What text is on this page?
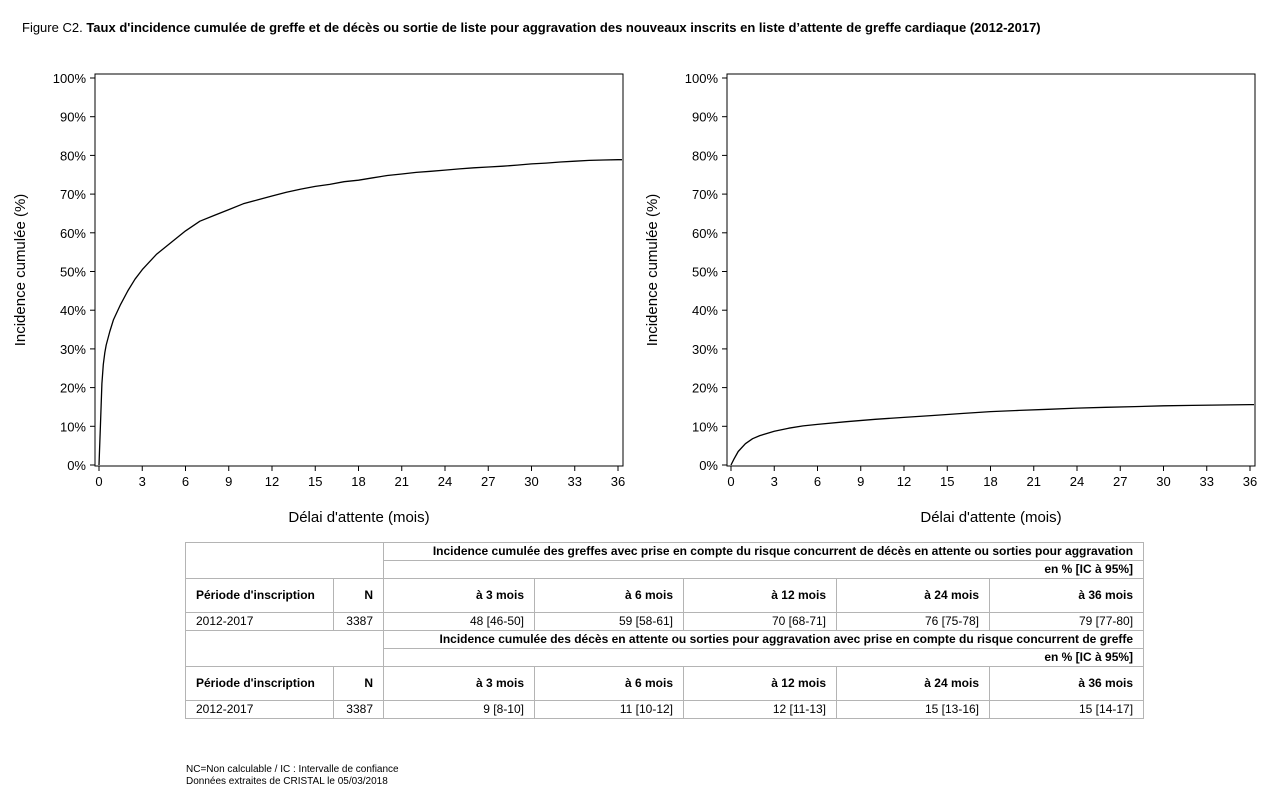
Figure C2. Taux d'incidence cumulée de greffe et de décès ou sortie de liste pour aggravation des nouveaux inscrits en liste d’attente de greffe cardiaque (2012-2017)
0%
10%
20%
30%
40%
50%
60%
70%
80%
90%
100%
0	3	6	9 12 15 18 21 24 27 30 33 36
Délai d'attente (mois)
Incidence cumulée (%)
0%
10%
20%
30%
40%
50%
60%
70%
80%
90%
100%
0	3	6	9 12 15 18 21 24 27 30 33 36
Délai d'attente (mois)
Incidence cumulée (%)
		Incidence cumulée des greffes avec prise en compte du risque concurrent de décès en attente ou sorties pour aggravation				
		en % [IC à 95%]				
Période d'inscription	N	à 3 mois	à 6 mois	à 12 mois	à 24 mois	à 36 mois
2012-2017	3387	48 [46-50]	59 [58-61]	70 [68-71]	76 [75-78]	79 [77-80]
		Incidence cumulée des décès en attente ou sorties pour aggravation avec prise en compte du risque concurrent de greffe				
		en % [IC à 95%]				
Période d'inscription	N	à 3 mois	à 6 mois	à 12 mois	à 24 mois	à 36 mois
2012-2017	3387	9 [8-10]	11 [10-12]	12 [11-13]	15 [13-16]	15 [14-17]
NC=Non calculable / IC : Intervalle de confiance
Données extraites de CRISTAL le 05/03/2018
